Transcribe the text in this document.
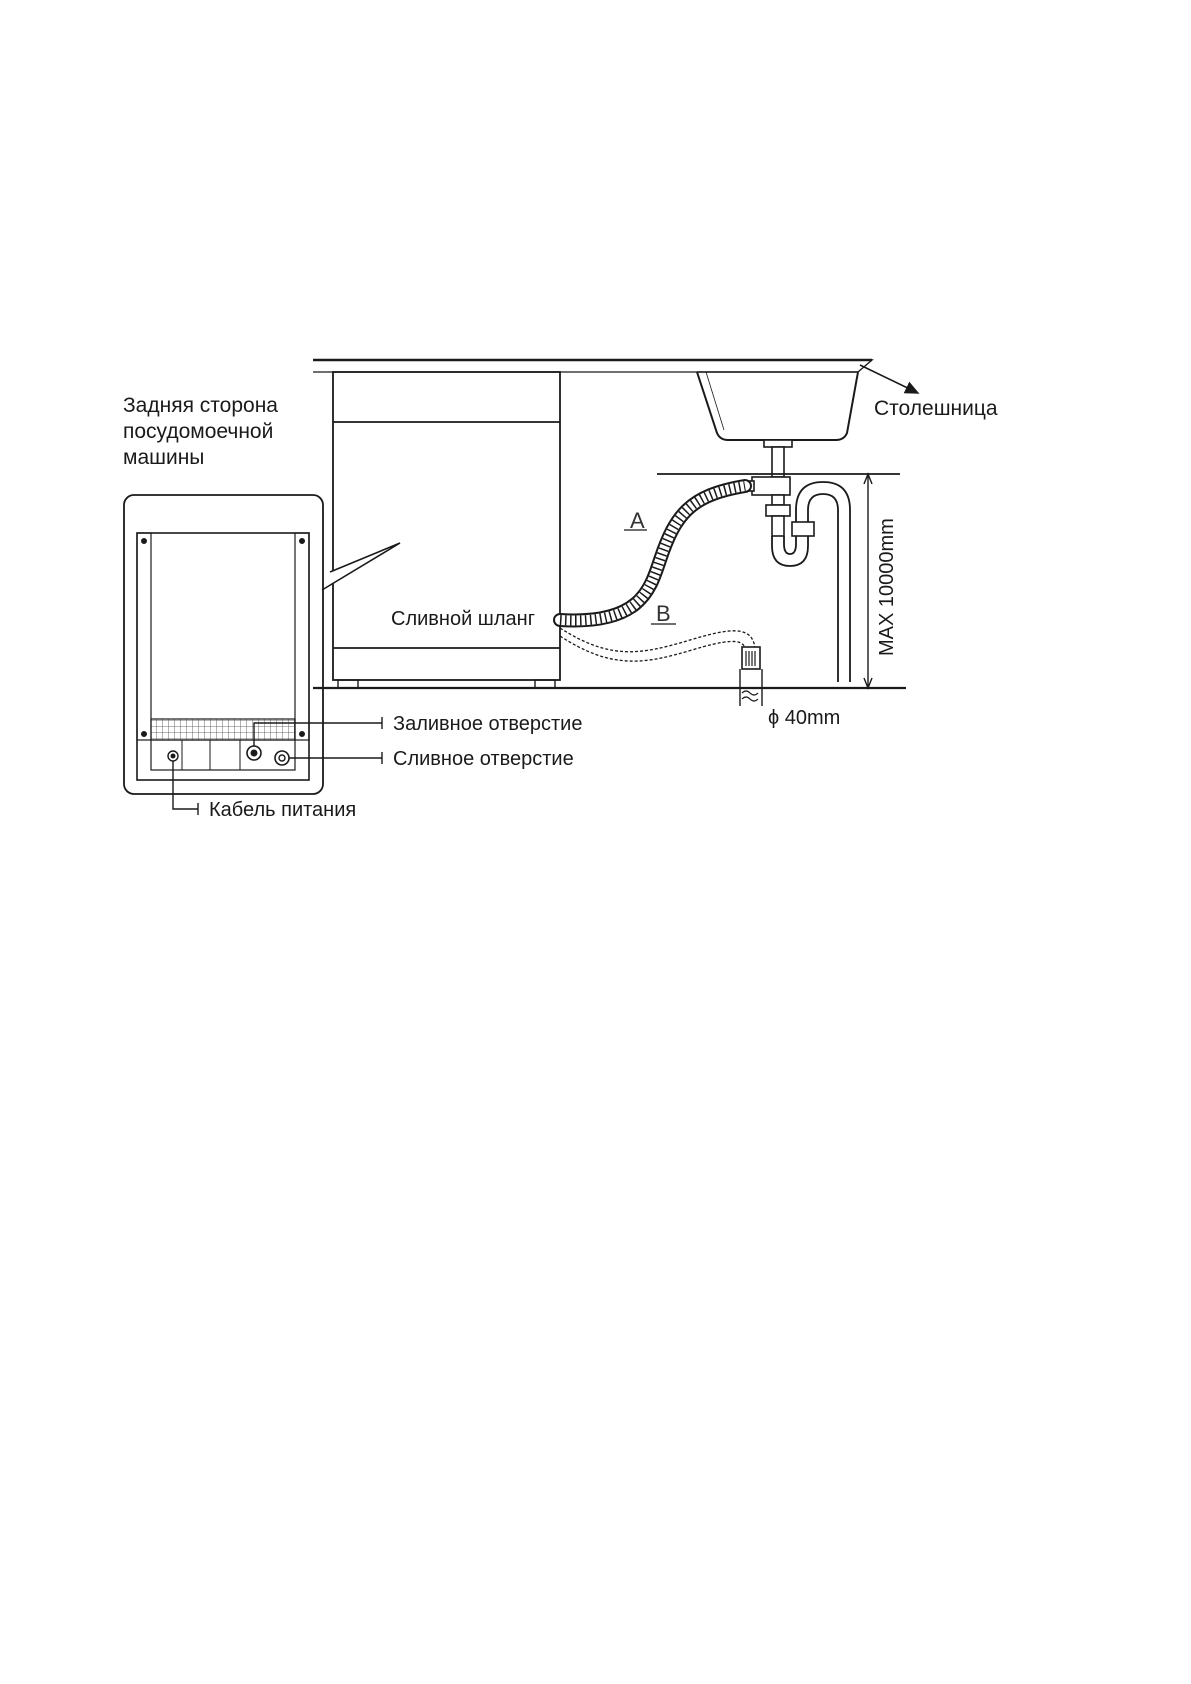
Задняя сторона
посудомоечной
машины
Столешница
Сливной шланг
A
B
Заливное отверстие
Сливное отверстие
Кабель питания
ϕ 40mm
MAX 10000mm
